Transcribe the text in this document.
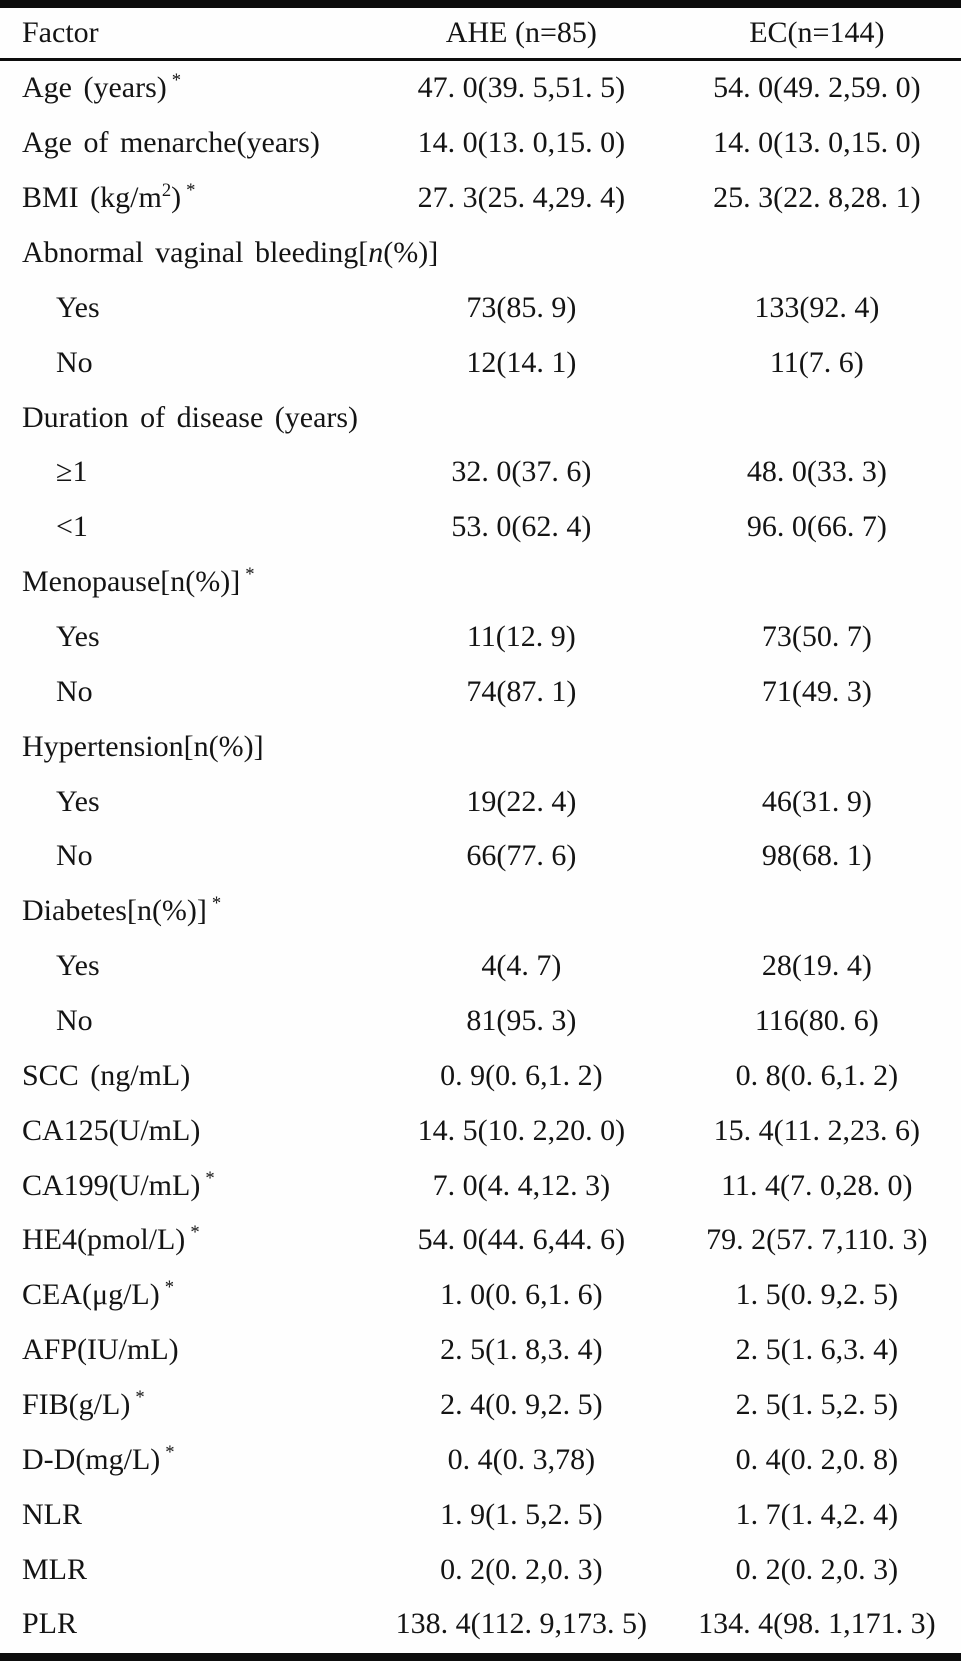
Factor	AHE (n=85)	EC(n=144)
Age (years) *	47. 0(39. 5,51. 5)	54. 0(49. 2,59. 0)
Age of menarche(years)	14. 0(13. 0,15. 0)	14. 0(13. 0,15. 0)
BMI $(kg/m^2)$ *	27. 3(25. 4,29. 4)	25. 3(22. 8,28. 1)
Abnormal vaginal bleeding[n(%)]
Yes	73(85. 9)	133(92. 4)
No	12(14. 1)	11(7. 6)
Duration of disease (years)
≥1	32. 0(37. 6)	48. 0(33. 3)
<1	53. 0(62. 4)	96. 0(66. 7)
Menopause[n(%)] *
Yes	11(12. 9)	73(50. 7)
No	74(87. 1)	71(49. 3)
Hypertension[n(%)]
Yes	19(22. 4)	46(31. 9)
No	66(77. 6)	98(68. 1)
Diabetes[n(%)] *
Yes	4(4. 7)	28(19. 4)
No	81(95. 3)	116(80. 6)
SCC (ng/mL)	0. 9(0. 6,1. 2)	0. 8(0. 6,1. 2)
CA125(U/mL)	14. 5(10. 2,20. 0)	15. 4(11. 2,23. 6)
CA199(U/mL) *	7. 0(4. 4,12. 3)	11. 4(7. 0,28. 0)
HE4(pmol/L) *	54. 0(44. 6,44. 6)	79. 2(57. 7,110. 3)
CEA(μg/L) *	1. 0(0. 6,1. 6)	1. 5(0. 9,2. 5)
AFP(IU/mL)	2. 5(1. 8,3. 4)	2. 5(1. 6,3. 4)
FIB(g/L) *	2. 4(0. 9,2. 5)	2. 5(1. 5,2. 5)
D-D(mg/L) *	0. 4(0. 3,78)	0. 4(0. 2,0. 8)
NLR	1. 9(1. 5,2. 5)	1. 7(1. 4,2. 4)
MLR	0. 2(0. 2,0. 3)	0. 2(0. 2,0. 3)
PLR	138. 4(112. 9,173. 5)	134. 4(98. 1,171. 3)
